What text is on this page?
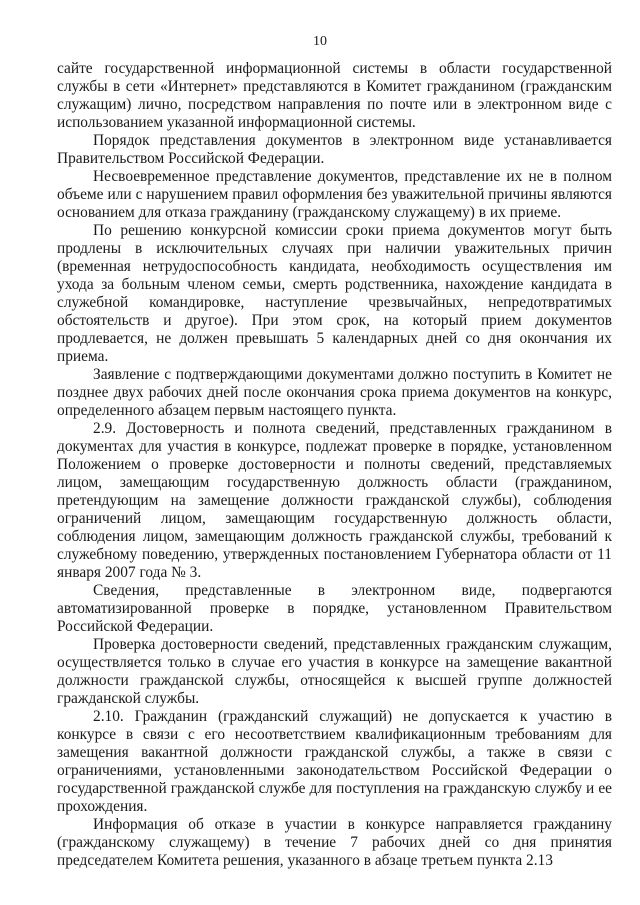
10

сайте государственной информационной системы в области государственной службы в сети «Интернет» представляются в Комитет гражданином (гражданским служащим) лично, посредством направления по почте или в электронном виде с использованием указанной информационной системы.

Порядок представления документов в электронном виде устанавливается Правительством Российской Федерации.

Несвоевременное представление документов, представление их не в полном объеме или с нарушением правил оформления без уважительной причины являются основанием для отказа гражданину (гражданскому служащему) в их приеме.

По решению конкурсной комиссии сроки приема документов могут быть продлены в исключительных случаях при наличии уважительных причин (временная нетрудоспособность кандидата, необходимость осуществления им ухода за больным членом семьи, смерть родственника, нахождение кандидата в служебной командировке, наступление чрезвычайных, непредотвратимых обстоятельств и другое). При этом срок, на который прием документов продлевается, не должен превышать 5 календарных дней со дня окончания их приема.

Заявление с подтверждающими документами должно поступить в Комитет не позднее двух рабочих дней после окончания срока приема документов на конкурс, определенного абзацем первым настоящего пункта.

2.9. Достоверность и полнота сведений, представленных гражданином в документах для участия в конкурсе, подлежат проверке в порядке, установленном Положением о проверке достоверности и полноты сведений, представляемых лицом, замещающим государственную должность области (гражданином, претендующим на замещение должности гражданской службы), соблюдения ограничений лицом, замещающим государственную должность области, соблюдения лицом, замещающим должность гражданской службы, требований к служебному поведению, утвержденных постановлением Губернатора области от 11 января 2007 года № 3.

Сведения, представленные в электронном виде, подвергаются автоматизированной проверке в порядке, установленном Правительством Российской Федерации.

Проверка достоверности сведений, представленных гражданским служащим, осуществляется только в случае его участия в конкурсе на замещение вакантной должности гражданской службы, относящейся к высшей группе должностей гражданской службы.

2.10. Гражданин (гражданский служащий) не допускается к участию в конкурсе в связи с его несоответствием квалификационным требованиям для замещения вакантной должности гражданской службы, а также в связи с ограничениями, установленными законодательством Российской Федерации о государственной гражданской службе для поступления на гражданскую службу и ее прохождения.

Информация об отказе в участии в конкурсе направляется гражданину (гражданскому служащему) в течение 7 рабочих дней со дня принятия председателем Комитета решения, указанного в абзаце третьем пункта 2.13
